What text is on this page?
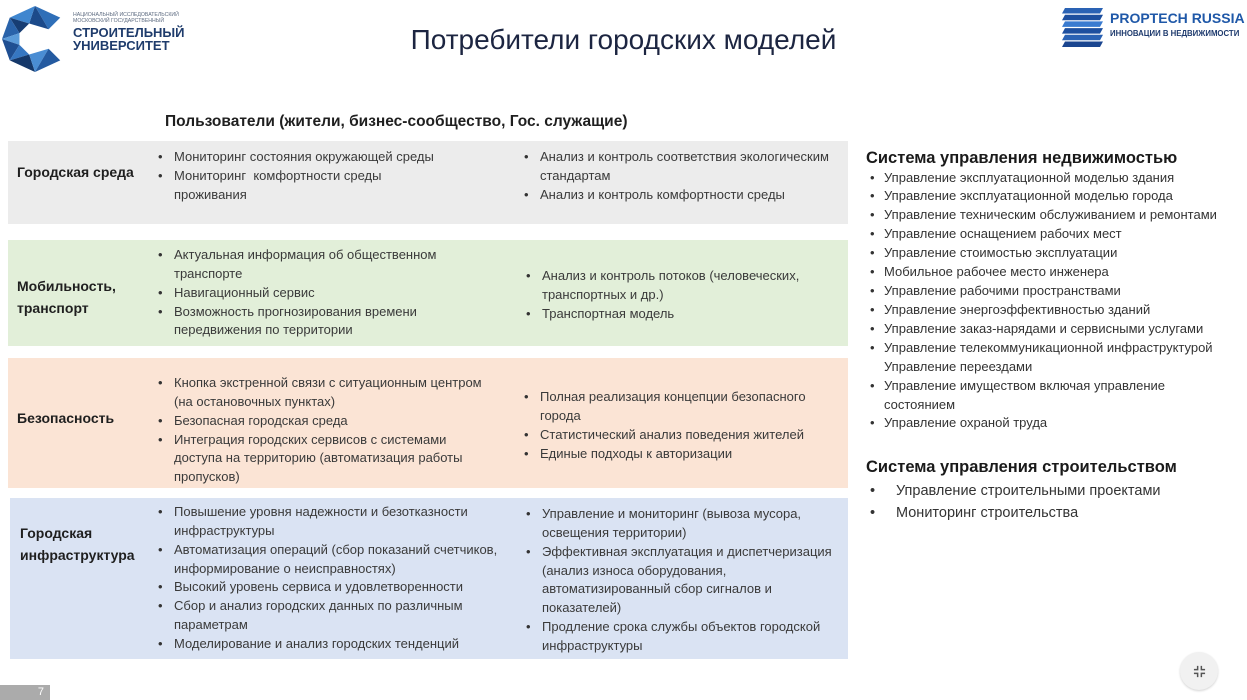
НАЦИОНАЛЬНЫЙ ИССЛЕДОВАТЕЛЬСКИЙ
МОСКОВСКИЙ ГОСУДАРСТВЕННЫЙ
СТРОИТЕЛЬНЫЙ
УНИВЕРСИТЕТ	Потребители городских моделей
PROPTECH RUSSIA
ИННОВАЦИИ В НЕДВИЖИМОСТИ
Пользователи (жители, бизнес-сообщество, Гос. служащие)
Городская среда
• Мониторинг состояния окружающей среды
• Мониторинг  комфортности среды
проживания
• Анализ и контроль соответствия экологическим
стандартам
• Анализ и контроль комфортности среды
Мобильность,
транспорт
• Актуальная информация об общественном
транспорте
• Навигационный сервис
• Возможность прогнозирования времени
передвижения по территории
• Анализ и контроль потоков (человеческих,
транспортных и др.)
• Транспортная модель
Безопасность
• Кнопка экстренной связи с ситуационным центром
(на остановочных пунктах)
• Безопасная городская среда
• Интеграция городских сервисов с системами
доступа на территорию (автоматизация работы
пропусков)
• Полная реализация концепции безопасного
города
• Статистический анализ поведения жителей
• Единые подходы к авторизации
Городская
инфраструктура
• Повышение уровня надежности и безотказности
инфраструктуры
• Автоматизация операций (сбор показаний счетчиков,
информирование о неисправностях)
• Высокий уровень сервиса и удовлетворенности
• Сбор и анализ городских данных по различным
параметрам
• Моделирование и анализ городских тенденций
• Управление и мониторинг (вывоза мусора,
освещения территории)
• Эффективная эксплуатация и диспетчеризация
(анализ износа оборудования,
автоматизированный сбор сигналов и
показателей)
• Продление срока службы объектов городской
инфраструктуры
Система управления недвижимостью
• Управление эксплуатационной моделью здания
• Управление эксплуатационной моделью города
• Управление техническим обслуживанием и ремонтами
• Управление оснащением рабочих мест
• Управление стоимостью эксплуатации
• Мобильное рабочее место инженера
• Управление рабочими пространствами
• Управление энергоэффективностью зданий
• Управление заказ-нарядами и сервисными услугами
• Управление телекоммуникационной инфраструктурой
Управление переездами
• Управление имуществом включая управление
состоянием
• Управление охраной труда
Система управления строительством
• Управление строительными проектами
• Мониторинг строительства
7
